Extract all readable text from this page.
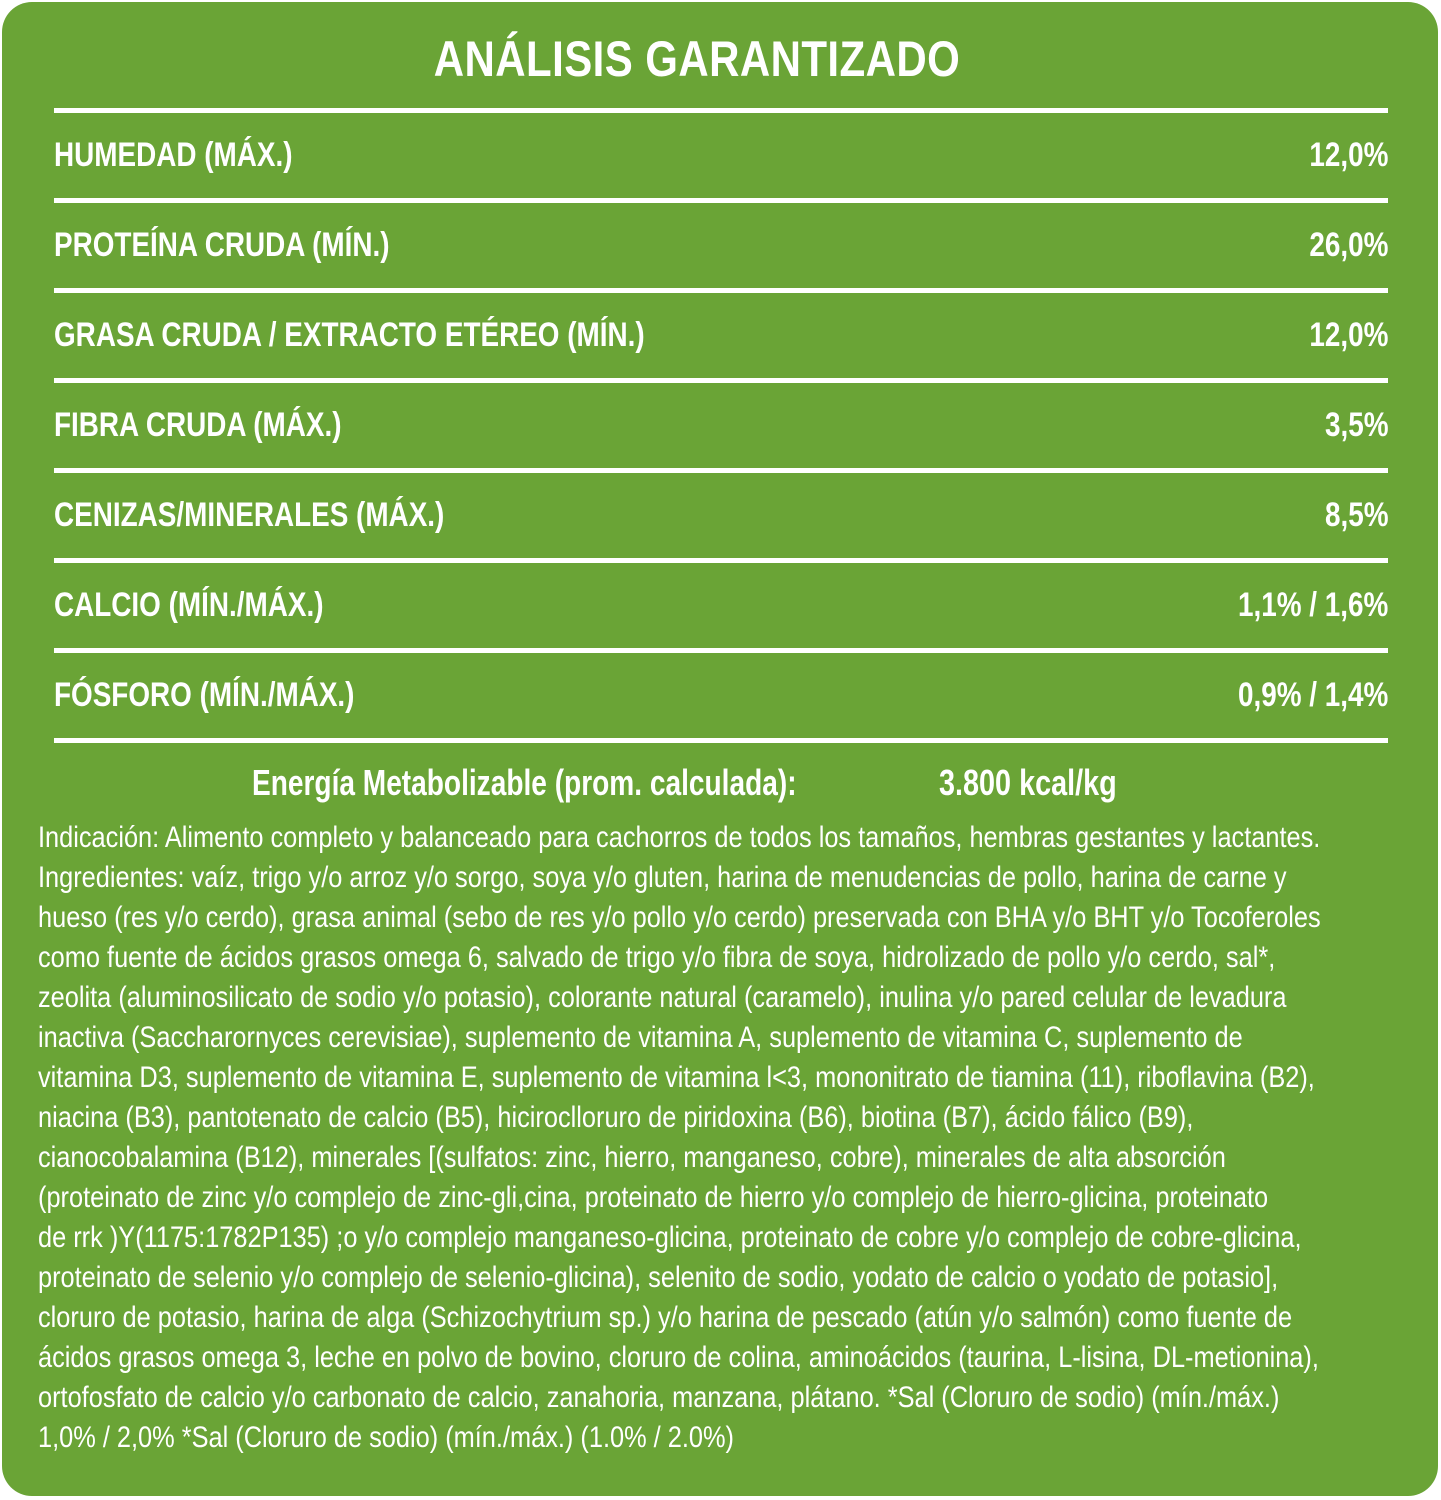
ANÁLISIS GARANTIZADO
HUMEDAD (MÁX.)	12,0%
PROTEÍNA CRUDA (MÍN.)	26,0%
GRASA CRUDA / EXTRACTO ETÉREO (MÍN.)	12,0%
FIBRA CRUDA (MÁX.)	3,5%
CENIZAS/MINERALES (MÁX.)	8,5%
CALCIO (MÍN./MÁX.)	1,1% / 1,6%
FÓSFORO (MÍN./MÁX.)	0,9% / 1,4%
Energía Metabolizable (prom. calculada):	3.800 kcal/kg
Indicación: Alimento completo y balanceado para cachorros de todos los tamaños, hembras gestantes y lactantes.
Ingredientes: vaíz, trigo y/o arroz y/o sorgo, soya y/o gluten, harina de menudencias de pollo, harina de carne y
hueso (res y/o cerdo), grasa animal (sebo de res y/o pollo y/o cerdo) preservada con BHA y/o BHT y/o Tocoferoles
como fuente de ácidos grasos omega 6, salvado de trigo y/o fibra de soya, hidrolizado de pollo y/o cerdo, sal*,
zeolita (aluminosilicato de sodio y/o potasio), colorante natural (caramelo), inulina y/o pared celular de levadura
inactiva (Saccharornyces cerevisiae), suplemento de vitamina A, suplemento de vitamina C, suplemento de
vitamina D3, suplemento de vitamina E, suplemento de vitamina l<3, mononitrato de tiamina (11), riboflavina (B2),
niacina (B3), pantotenato de calcio (B5), hiciroclloruro de piridoxina (B6), biotina (B7), ácido fálico (B9),
cianocobalamina (B12), minerales [(sulfatos: zinc, hierro, manganeso, cobre), minerales de alta absorción
(proteinato de zinc y/o complejo de zinc-gli,cina, proteinato de hierro y/o complejo de hierro-glicina, proteinato
de rrk )Y(1175:1782P135) ;o y/o complejo manganeso-glicina, proteinato de cobre y/o complejo de cobre-glicina,
proteinato de selenio y/o complejo de selenio-glicina), selenito de sodio, yodato de calcio o yodato de potasio],
cloruro de potasio, harina de alga (Schizochytrium sp.) y/o harina de pescado (atún y/o salmón) como fuente de
ácidos grasos omega 3, leche en polvo de bovino, cloruro de colina, aminoácidos (taurina, L-lisina, DL-metionina),
ortofosfato de calcio y/o carbonato de calcio, zanahoria, manzana, plátano. *Sal (Cloruro de sodio) (mín./máx.)
1,0% / 2,0% *Sal (Cloruro de sodio) (mín./máx.) (1.0% / 2.0%)
